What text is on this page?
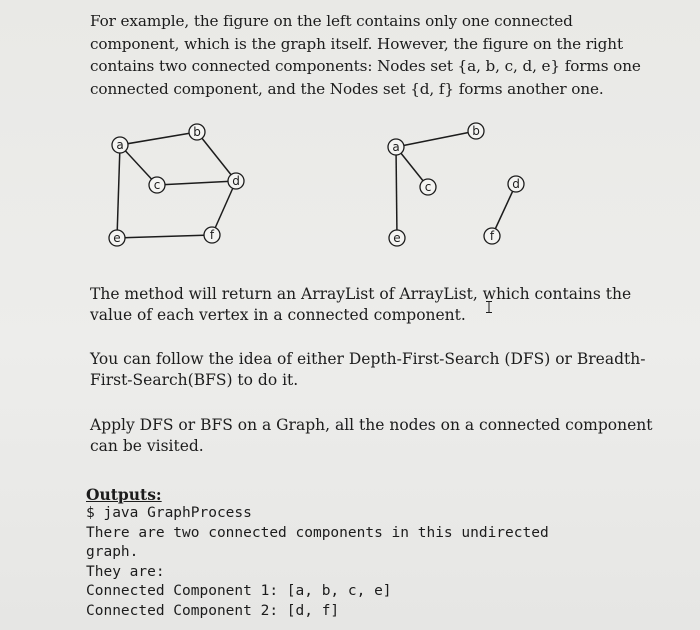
For example, the figure on the left contains only one connected
component, which is the graph itself. However, the figure on the right
contains two connected components: Nodes set {a, b, c, d, e} forms one
connected component, and the Nodes set {d, f} forms another one.
a
b
c	d
e	f
a
b
c	d
e	f
The method will return an ArrayList of ArrayList, which contains the
value of each vertex in a connected component.
You can follow the idea of either Depth-First-Search (DFS) or Breadth-
First-Search(BFS) to do it.
Apply DFS or BFS on a Graph, all the nodes on a connected component
can be visited.
Outputs:
$ java GraphProcess
There are two connected components in this undirected
graph.
They are:
Connected Component 1: [a, b, c, e]
Connected Component 2: [d, f]
